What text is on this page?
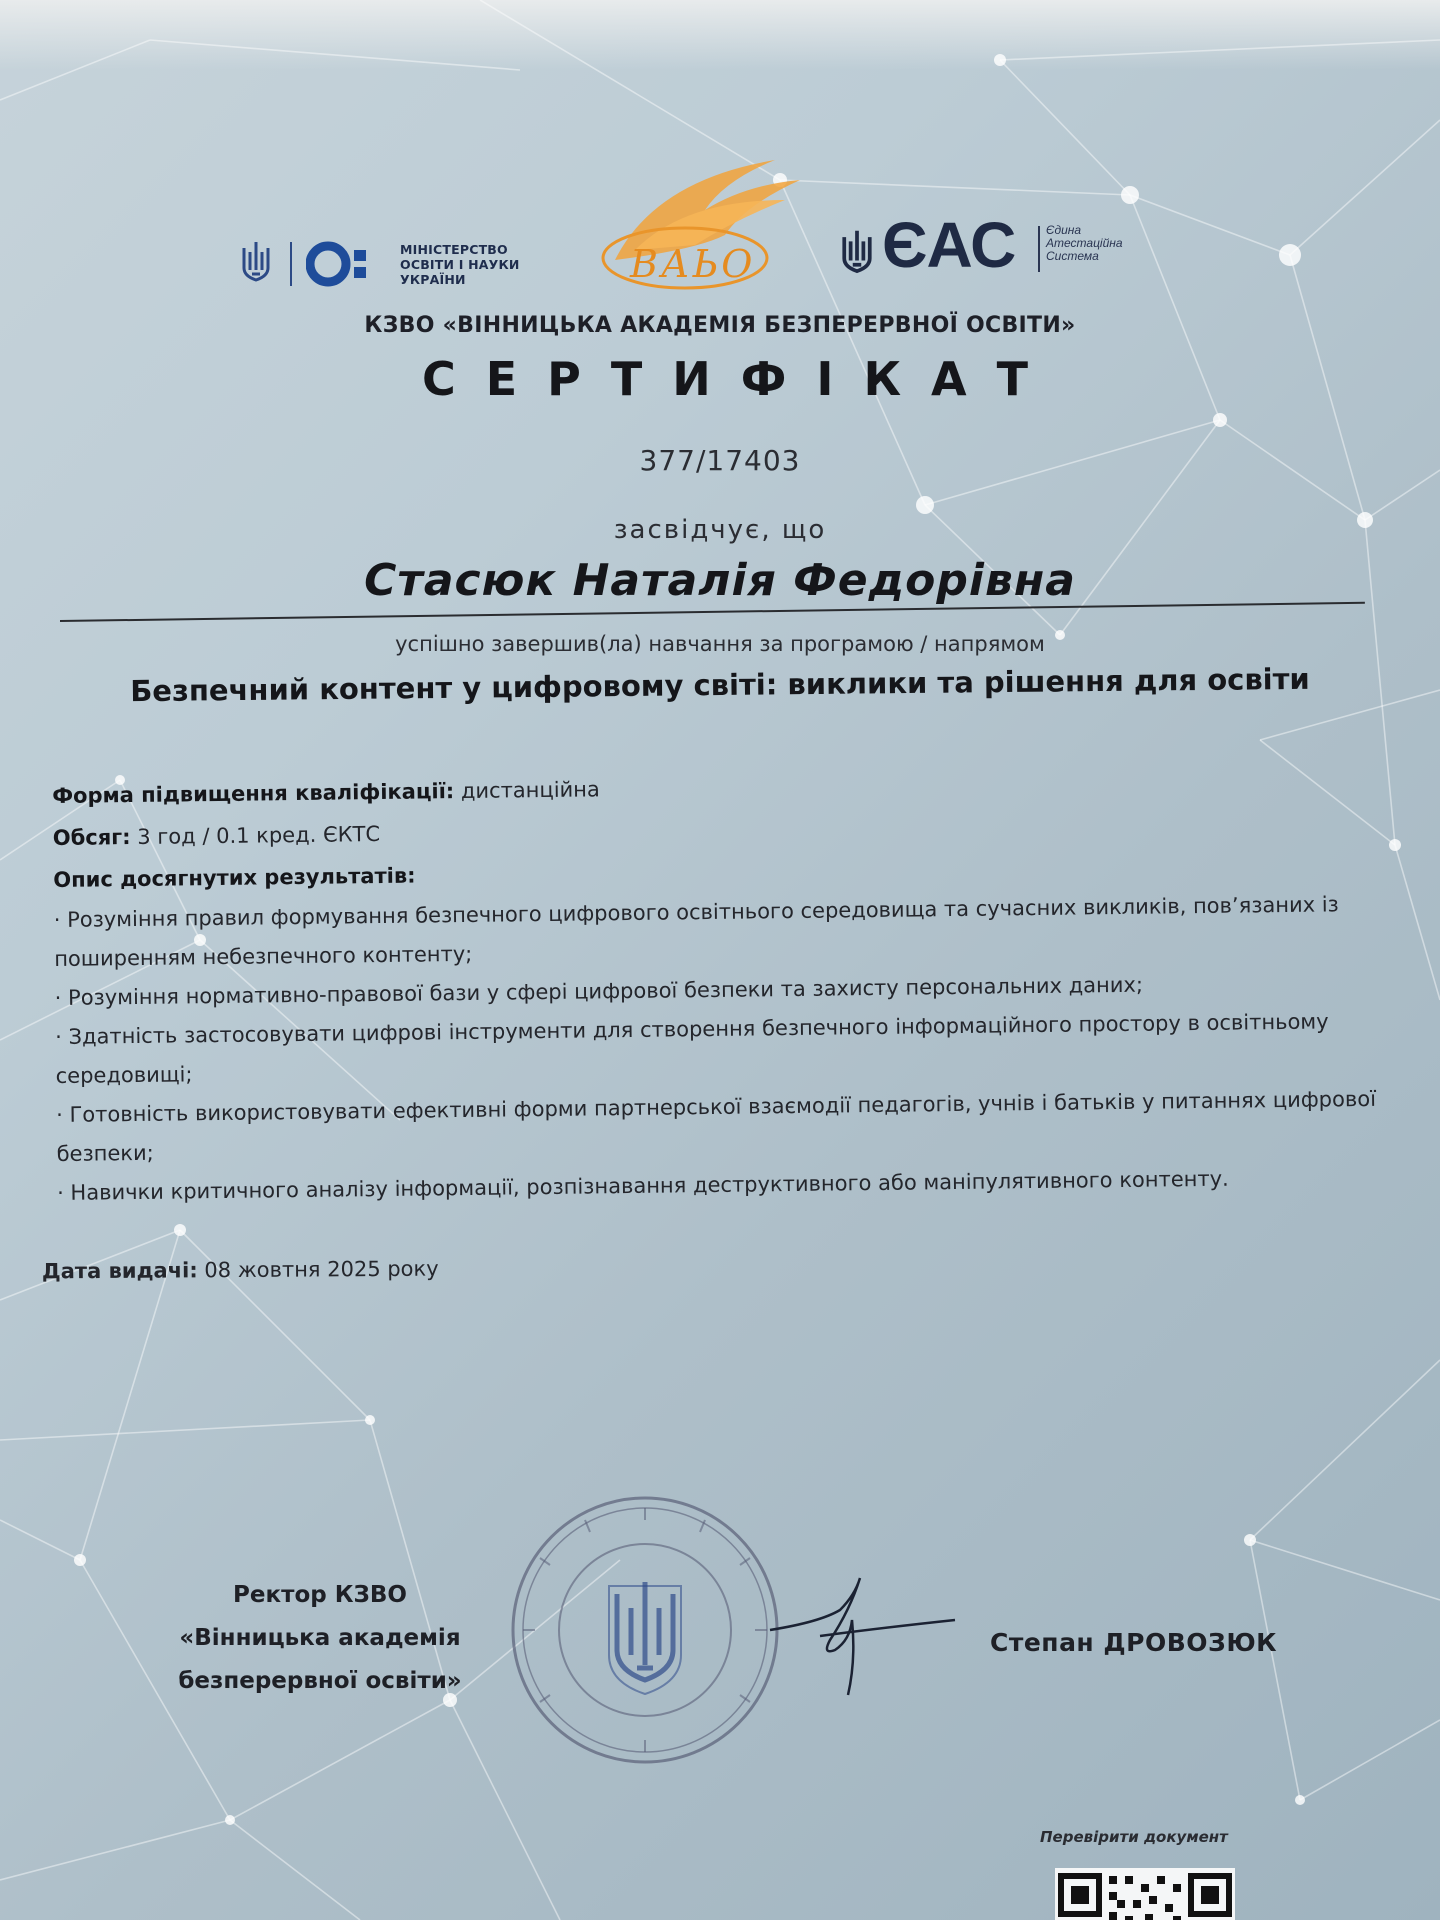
МІНІСТЕРСТВО ОСВІТИ І НАУКИ УКРАЇНИ	ВАЬО ЄАС	Єдина Атестаційна Система
КЗВО «ВІННИЦЬКА АКАДЕМІЯ БЕЗПЕРЕРВНОЇ ОСВІТИ»
СЕРТИФІКАТ
377/17403
засвідчує, що
Стасюк Наталія Федорівна
успішно завершив(ла) навчання за програмою / напрямом
Безпечний контент у цифровому світі: виклики та рішення для освіти
Форма підвищення кваліфікації: дистанційна
Обсяг: 3 год / 0.1 кред. ЄКТС
Опис досягнутих результатів:
· Розуміння правил формування безпечного цифрового освітнього середовища та сучасних викликів, пов’язаних із поширенням небезпечного контенту;
· Розуміння нормативно-правової бази у сфері цифрової безпеки та захисту персональних даних;
· Здатність застосовувати цифрові інструменти для створення безпечного інформаційного простору в освітньому середовищі;
· Готовність використовувати ефективні форми партнерської взаємодії педагогів, учнів і батьків у питаннях цифрової безпеки;
· Навички критичного аналізу інформації, розпізнавання деструктивного або маніпулятивного контенту.
Дата видачі: 08 жовтня 2025 року
Ректор КЗВО
«Вінницька академія
безперервної освіти»
Степан ДРОВОЗЮК
Перевірити документ
